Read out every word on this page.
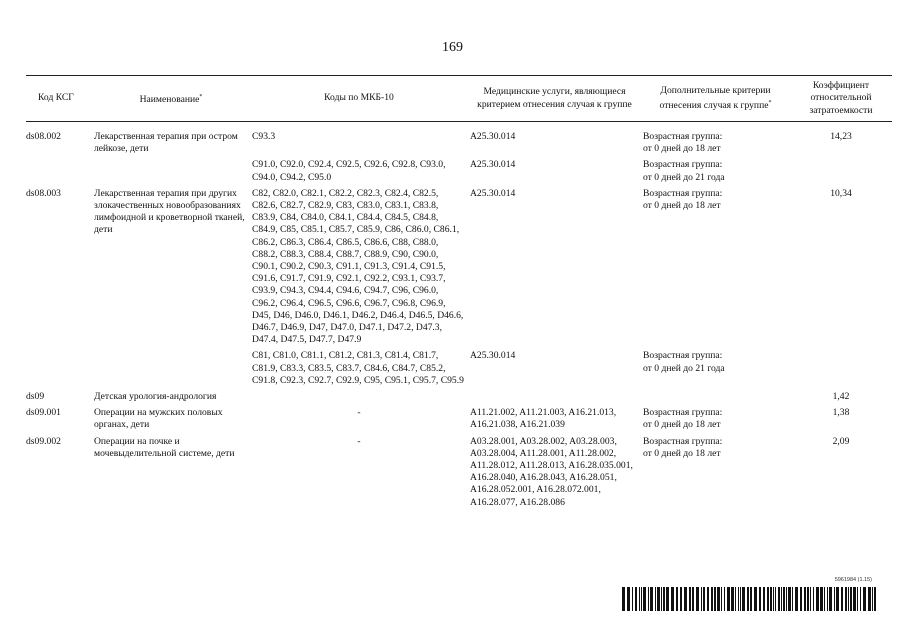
169
Код КСГ	Наименование*	Коды по МКБ-10	Медицинские услуги, являющиеся критерием отнесения случая к группе	Дополнительные критерии отнесения случая к группе*	Коэффициент относительной затратоемкости
ds08.002	Лекарственная терапия при остром лейкозе, дети	C93.3	A25.30.014	Возрастная группа:
от 0 дней до 18 лет	14,23
		C91.0, C92.0, C92.4, C92.5, C92.6, C92.8, C93.0, C94.0, C94.2, C95.0	A25.30.014	Возрастная группа:
от 0 дней до 21 года	
ds08.003	Лекарственная терапия при других злокачественных новообразованиях лимфоидной и кроветворной тканей, дети	C82, C82.0, C82.1, C82.2, C82.3, C82.4, C82.5, C82.6, C82.7, C82.9, C83, C83.0, C83.1, C83.8, C83.9, C84, C84.0, C84.1, C84.4, C84.5, C84.8, C84.9, C85, C85.1, C85.7, C85.9, C86, C86.0, C86.1, C86.2, C86.3, C86.4, C86.5, C86.6, C88, C88.0, C88.2, C88.3, C88.4, C88.7, C88.9, C90, C90.0, C90.1, C90.2, C90.3, C91.1, C91.3, C91.4, C91.5, C91.6, C91.7, C91.9, C92.1, C92.2, C93.1, C93.7, C93.9, C94.3, C94.4, C94.6, C94.7, C96, C96.0, C96.2, C96.4, C96.5, C96.6, C96.7, C96.8, C96.9, D45, D46, D46.0, D46.1, D46.2, D46.4, D46.5, D46.6, D46.7, D46.9, D47, D47.0, D47.1, D47.2, D47.3, D47.4, D47.5, D47.7, D47.9	A25.30.014	Возрастная группа:
от 0 дней до 18 лет	10,34
		C81, C81.0, C81.1, C81.2, C81.3, C81.4, C81.7, C81.9, C83.3, C83.5, C83.7, C84.6, C84.7, C85.2, C91.8, C92.3, C92.7, C92.9, C95, C95.1, C95.7, C95.9	A25.30.014	Возрастная группа:
от 0 дней до 21 года	
ds09	Детская урология-андрология				1,42
ds09.001	Операции на мужских половых органах, дети	-	A11.21.002, A11.21.003, A16.21.013, A16.21.038, A16.21.039	Возрастная группа:
от 0 дней до 18 лет	1,38
ds09.002	Операции на почке и мочевыделительной системе, дети	-	A03.28.001, A03.28.002, A03.28.003, A03.28.004, A11.28.001, A11.28.002, A11.28.012, A11.28.013, A16.28.035.001, A16.28.040, A16.28.043, A16.28.051, A16.28.052.001, A16.28.072.001, A16.28.077, A16.28.086	Возрастная группа:
от 0 дней до 18 лет	2,09
5961984 (1.15)
